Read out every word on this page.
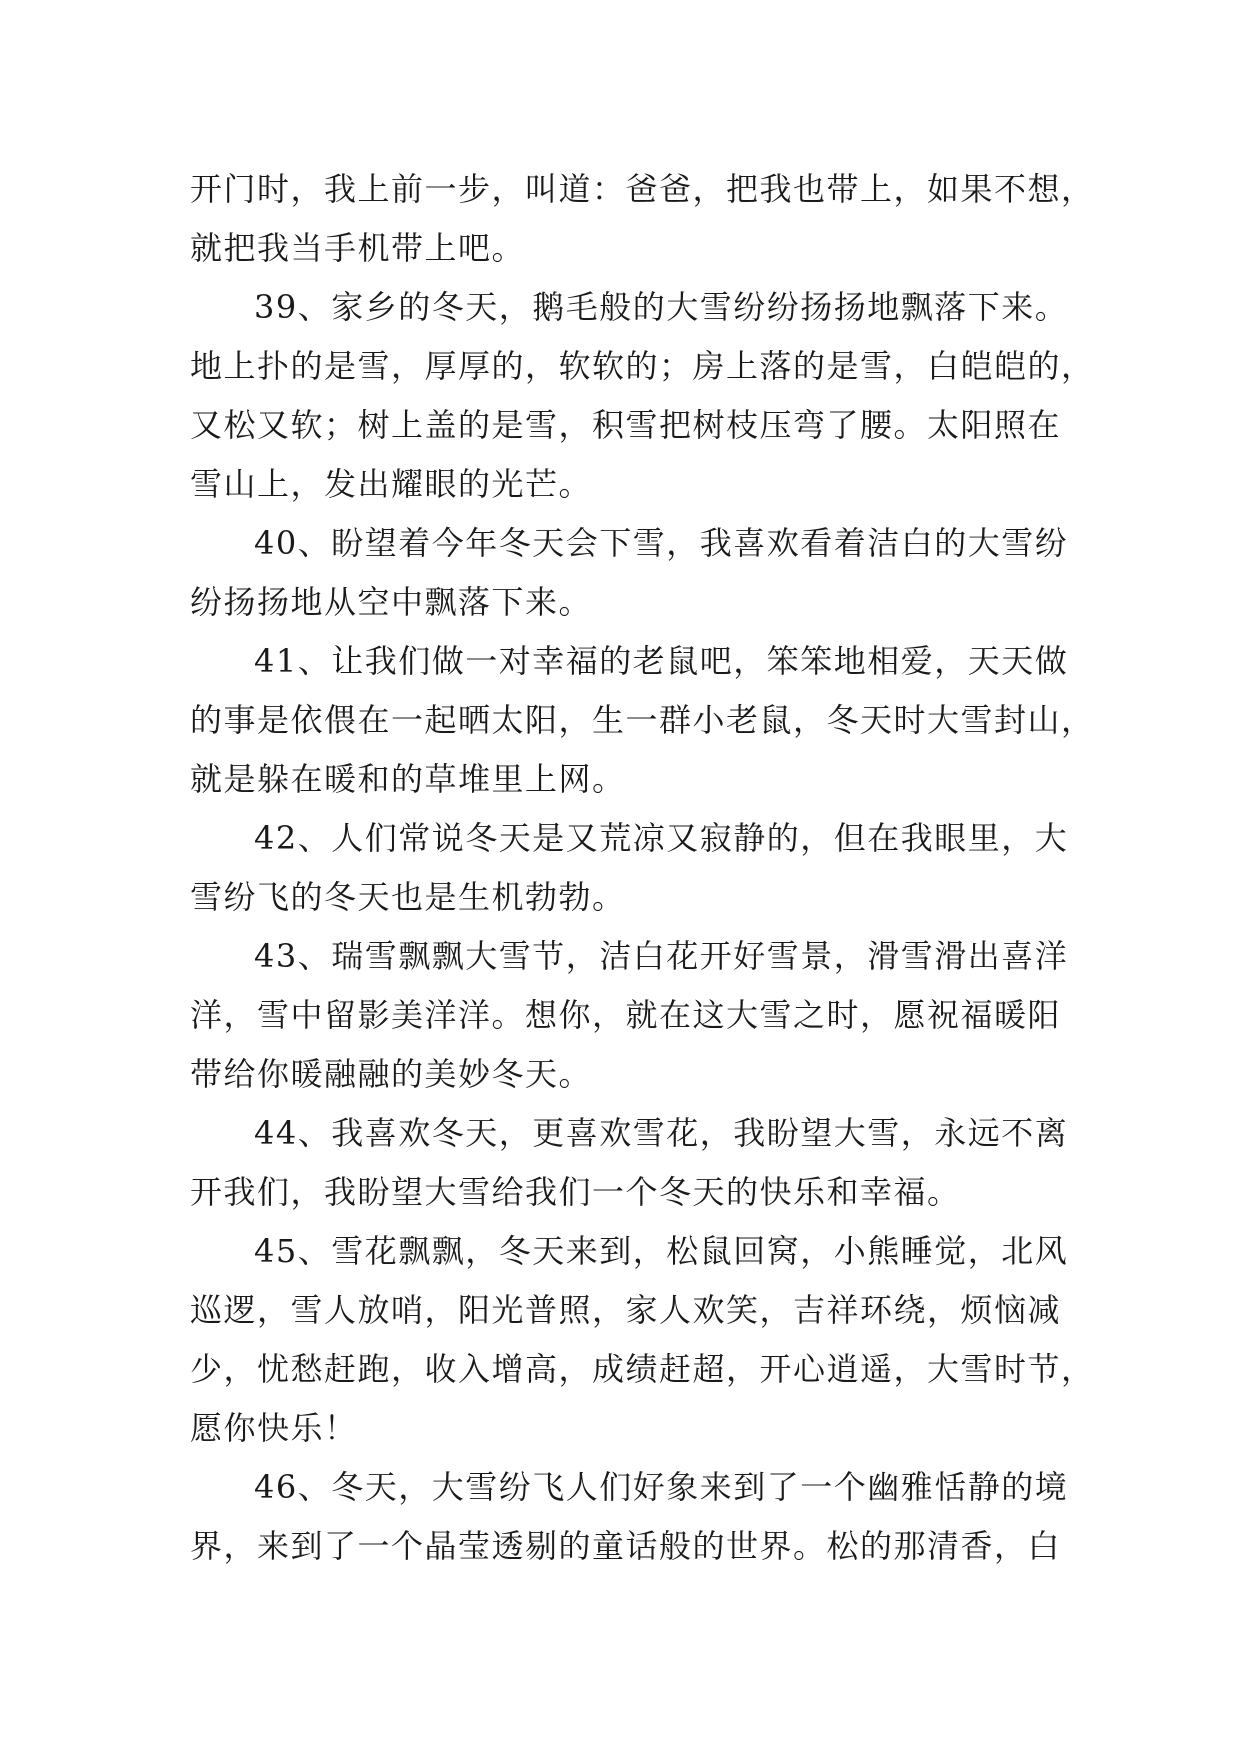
开门时，我上前一步，叫道：爸爸，把我也带上，如果不想，
就把我当手机带上吧。
39、家乡的冬天，鹅毛般的大雪纷纷扬扬地飘落下来。
地上扑的是雪，厚厚的，软软的；房上落的是雪，白皑皑的，
又松又软；树上盖的是雪，积雪把树枝压弯了腰。太阳照在
雪山上，发出耀眼的光芒。
40、盼望着今年冬天会下雪，我喜欢看着洁白的大雪纷
纷扬扬地从空中飘落下来。
41、让我们做一对幸福的老鼠吧，笨笨地相爱，天天做
的事是依偎在一起晒太阳，生一群小老鼠，冬天时大雪封山，
就是躲在暖和的草堆里上网。
42、人们常说冬天是又荒凉又寂静的，但在我眼里，大
雪纷飞的冬天也是生机勃勃。
43、瑞雪飘飘大雪节，洁白花开好雪景，滑雪滑出喜洋
洋，雪中留影美洋洋。想你，就在这大雪之时，愿祝福暖阳
带给你暖融融的美妙冬天。
44、我喜欢冬天，更喜欢雪花，我盼望大雪，永远不离
开我们，我盼望大雪给我们一个冬天的快乐和幸福。
45、雪花飘飘，冬天来到，松鼠回窝，小熊睡觉，北风
巡逻，雪人放哨，阳光普照，家人欢笑，吉祥环绕，烦恼减
少，忧愁赶跑，收入增高，成绩赶超，开心逍遥，大雪时节，
愿你快乐！
46、冬天，大雪纷飞人们好象来到了一个幽雅恬静的境
界，来到了一个晶莹透剔的童话般的世界。松的那清香，白
